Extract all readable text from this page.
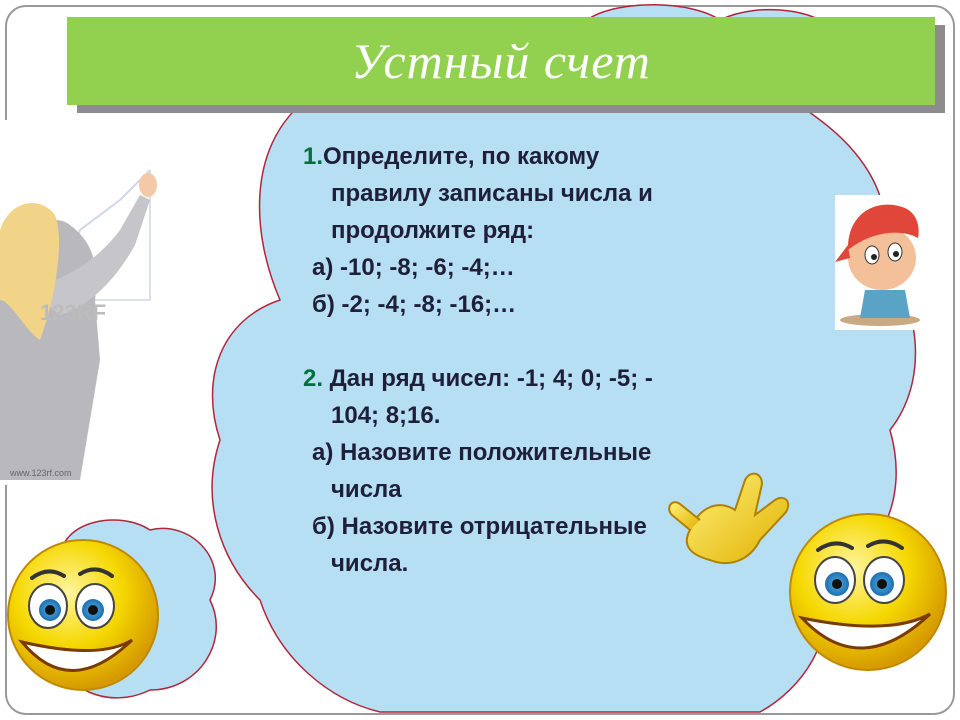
123RF
www.123rf.com
Устный счет
1.Определите, по какому
правилу записаны числа и
продолжите ряд:
а) -10; -8; -6; -4;…
б) -2; -4; -8; -16;…
2. Дан ряд чисел: -1; 4; 0; -5; -
104; 8;16.
а) Назовите положительные
числа
б) Назовите отрицательные
числа.
